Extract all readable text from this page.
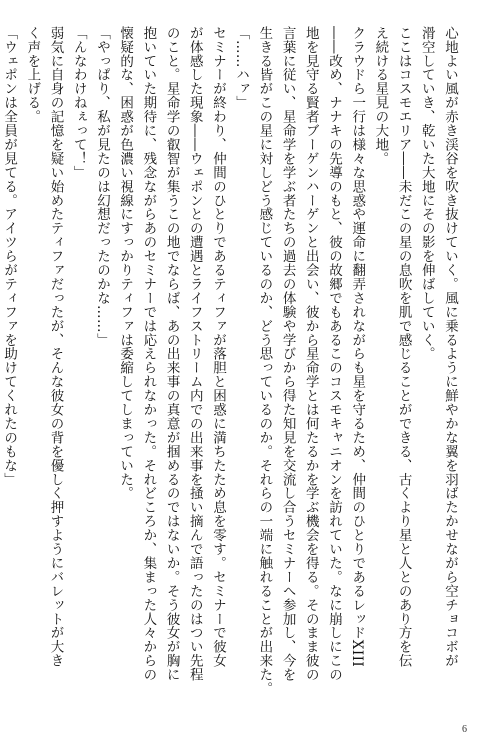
心地よい風が赤き渓谷を吹き抜けていく。風に乗るように鮮やかな翼を羽ばたかせながら空チョコボが
滑空していき、乾いた大地にその影を伸ばしていく。
ここはコスモエリア――未だこの星の息吹を肌で感じることができる、古くより星と人とのあり方を伝
え続ける星見の大地。
クラウドら一行は様々な思惑や運命に翻弄されながらも星を守るため、仲間のひとりであるレッドXIII
――改め、ナナキの先導のもと、彼の故郷でもあるこのコスモキャニオンを訪れていた。なに崩しにこの
地を見守る賢者ブーゲンハーゲンと出会い、彼から星命学とは何たるかを学ぶ機会を得る。そのまま彼の
言葉に従い、星命学を学ぶ者たちの過去の体験や学びから得た知見を交流し合うセミナーへ参加し、今を
生きる皆がこの星に対しどう感じているのか、どう思っているのか。それらの一端に触れることが出来た。
「……ハァ」
セミナーが終わり、仲間のひとりであるティファが落胆と困惑に満ちたため息を零す。セミナーで彼女
が体感した現象――ウェポンとの遭遇とライフストリーム内での出来事を掻い摘んで語ったのはつい先程
のこと。星命学の叡智が集うこの地でならば、あの出来事の真意が掴めるのではないか。そう彼女が胸に
抱いていた期待に、残念ながらあのセミナーでは応えられなかった。それどころか、集まった人々からの
懐疑的な、困惑が色濃い視線にすっかりティファは委縮してしまっていた。
「やっぱり、私が見たのは幻想だったのかな……」
「んなわけねぇって！」
弱気に自身の記憶を疑い始めたティファだったが、そんな彼女の背を優しく押すようにバレットが大き
く声を上げる。
「ウェポンは全員が見てる。アイツらがティファを助けてくれたのもな」
6
